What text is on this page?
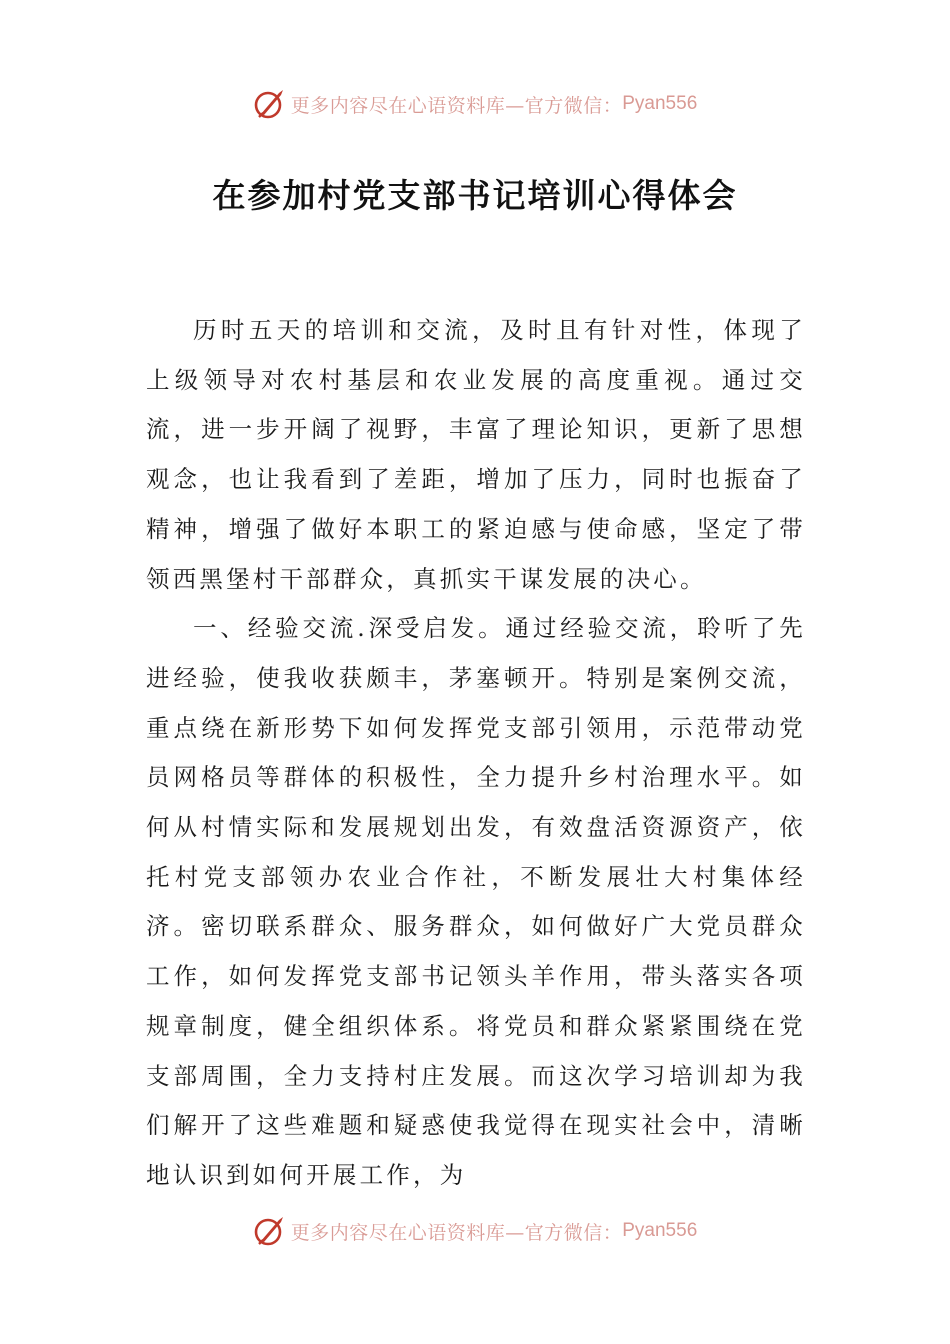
更多内容尽在心语资料库—官方微信： Pyan556
在参加村党支部书记培训心得体会

历时五天的培训和交流，及时且有针对性，体现了上级领导对农村基层和农业发展的高度重视。通过交流，进一步开阔了视野，丰富了理论知识，更新了思想观念，也让我看到了差距，增加了压力，同时也振奋了精神，增强了做好本职工的紧迫感与使命感，坚定了带领西黑堡村干部群众，真抓实干谋发展的决心。

一、经验交流.深受启发。通过经验交流，聆听了先进经验，使我收获颇丰，茅塞顿开。特别是案例交流，重点绕在新形势下如何发挥党支部引领用，示范带动党员网格员等群体的积极性，全力提升乡村治理水平。如何从村情实际和发展规划出发，有效盘活资源资产，依托村党支部领办农业合作社，不断发展壮大村集体经济。密切联系群众、服务群众，如何做好广大党员群众工作，如何发挥党支部书记领头羊作用，带头落实各项规章制度，健全组织体系。将党员和群众紧紧围绕在党支部周围，全力支持村庄发展。而这次学习培训却为我们解开了这些难题和疑惑使我觉得在现实社会中，清晰地认识到如何开展工作，为

更多内容尽在心语资料库—官方微信： Pyan556
